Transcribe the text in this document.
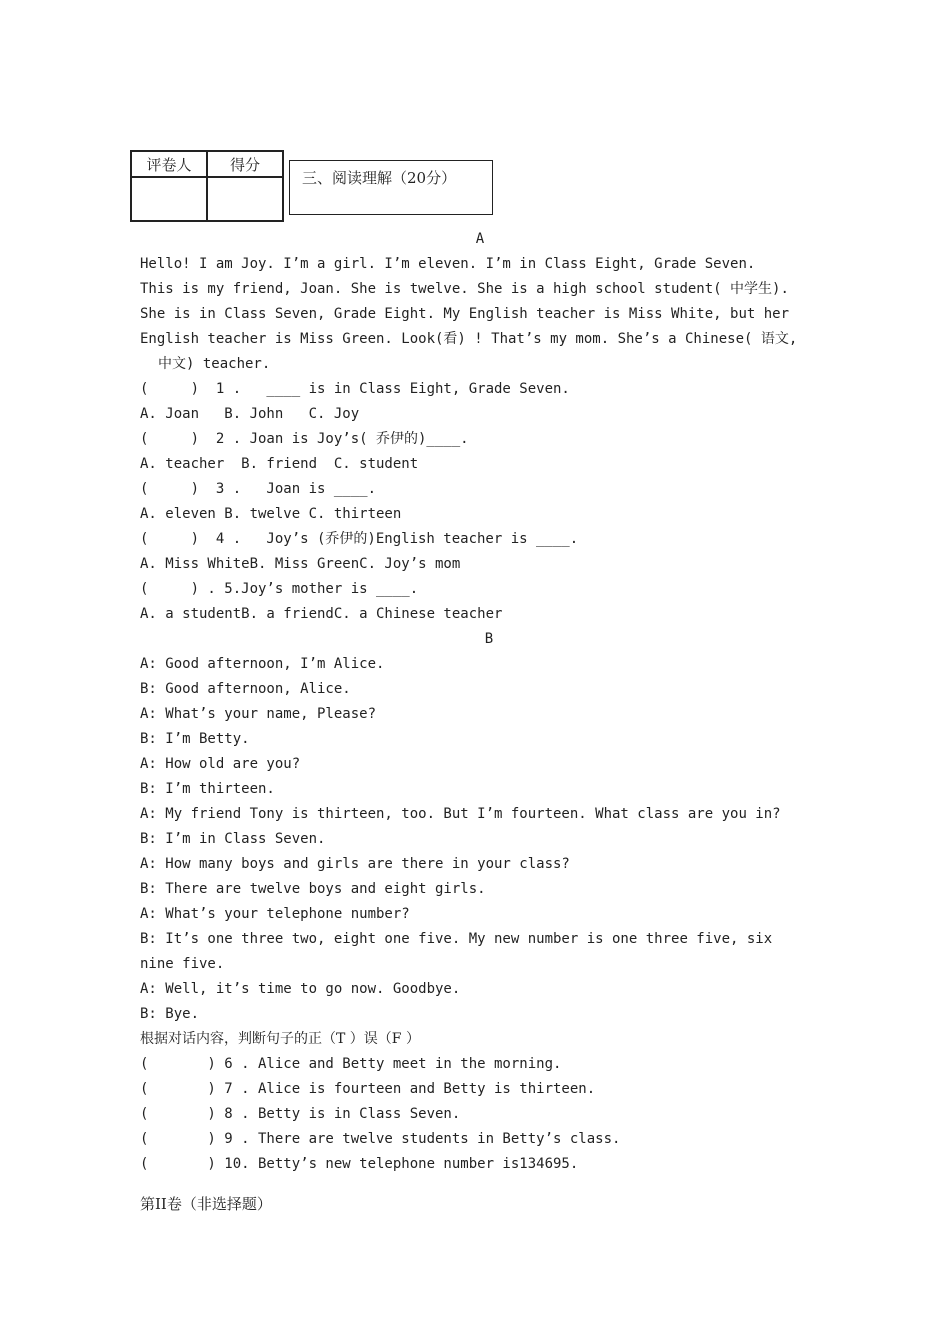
评卷人	得分

三、阅读理解（20分）
A
Hello! I am Joy. I’m a girl. I’m eleven. I’m in Class Eight, Grade Seven.
This is my friend, Joan. She is twelve. She is a high school student( 中学生).
She is in Class Seven, Grade Eight. My English teacher is Miss White, but her
English teacher is Miss Green. Look(看) ! That’s my mom. She’s a Chinese( 语文,
中文) teacher.
(     )  1 .   ____ is in Class Eight, Grade Seven.
A. Joan   B. John   C. Joy
(     )  2 . Joan is Joy’s( 乔伊的)____.
A. teacher  B. friend  C. student
(     )  3 .   Joan is ____.
A. eleven B. twelve C. thirteen
(     )  4 .   Joy’s (乔伊的)English teacher is ____.
A. Miss WhiteB. Miss GreenC. Joy’s mom
(     ) . 5.Joy’s mother is ____.
A. a studentB. a friendC. a Chinese teacher
B
A: Good afternoon, I’m Alice.
B: Good afternoon, Alice.
A: What’s your name, Please?
B: I’m Betty.
A: How old are you?
B: I’m thirteen.
A: My friend Tony is thirteen, too. But I’m fourteen. What class are you in?
B: I’m in Class Seven.
A: How many boys and girls are there in your class?
B: There are twelve boys and eight girls.
A: What’s your telephone number?
B: It’s one three two, eight one five. My new number is one three five, six
nine five.
A: Well, it’s time to go now. Goodbye.
B: Bye.
根据对话内容，判断句子的正（T ）误（F ）
(       ) 6 . Alice and Betty meet in the morning.
(       ) 7 . Alice is fourteen and Betty is thirteen.
(       ) 8 . Betty is in Class Seven.
(       ) 9 . There are twelve students in Betty’s class.
(       ) 10. Betty’s new telephone number is134695.
第II卷（非选择题）
